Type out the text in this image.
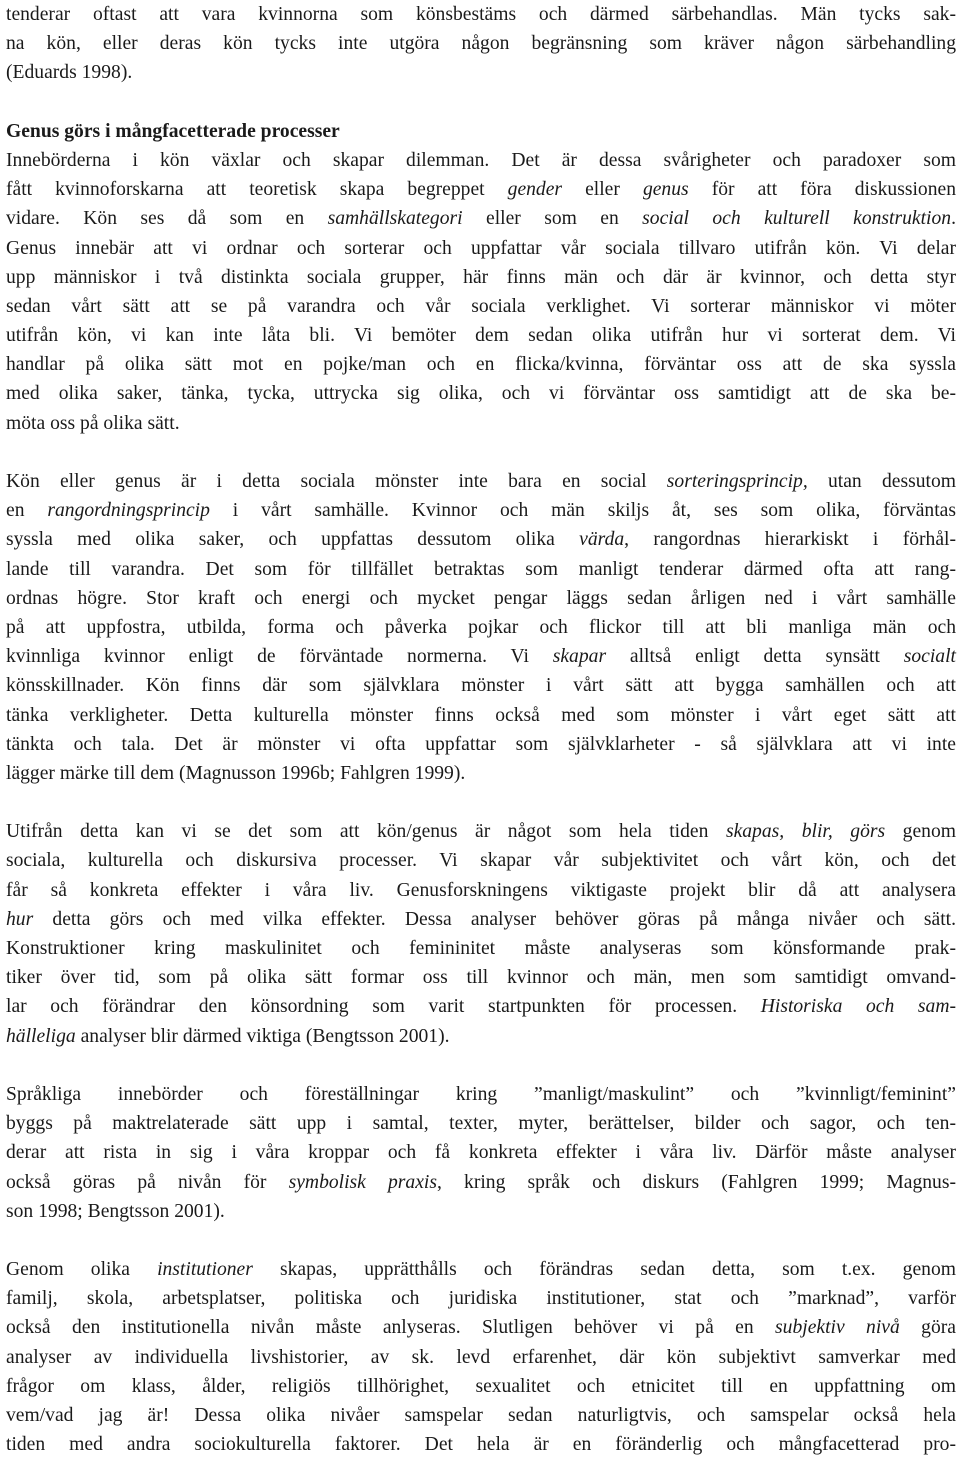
tenderar oftast att vara kvinnorna som könsbestäms och därmed särbehandlas. Män tycks sak-
na kön, eller deras kön tycks inte utgöra någon begränsning som kräver någon särbehandling
(Eduards 1998).
Genus görs i mångfacetterade processer
Innebörderna i kön växlar och skapar dilemman. Det är dessa svårigheter och paradoxer som
fått kvinnoforskarna att teoretisk skapa begreppet gender eller genus för att föra diskussionen
vidare. Kön ses då som en samhällskategori eller som en social och kulturell konstruktion.
Genus innebär att vi ordnar och sorterar och uppfattar vår sociala tillvaro utifrån kön. Vi delar
upp människor i två distinkta sociala grupper, här finns män och där är kvinnor, och detta styr
sedan vårt sätt att se på varandra och vår sociala verklighet. Vi sorterar människor vi möter
utifrån kön, vi kan inte låta bli. Vi bemöter dem sedan olika utifrån hur vi sorterat dem. Vi
handlar på olika sätt mot en pojke/man och en flicka/kvinna, förväntar oss att de ska syssla
med olika saker, tänka, tycka, uttrycka sig olika, och vi förväntar oss samtidigt att de ska be-
möta oss på olika sätt.
Kön eller genus är i detta sociala mönster inte bara en social sorteringsprincip, utan dessutom
en rangordningsprincip i vårt samhälle. Kvinnor och män skiljs åt, ses som olika, förväntas
syssla med olika saker, och uppfattas dessutom olika värda, rangordnas hierarkiskt i förhål-
lande till varandra. Det som för tillfället betraktas som manligt tenderar därmed ofta att rang-
ordnas högre. Stor kraft och energi och mycket pengar läggs sedan årligen ned i vårt samhälle
på att uppfostra, utbilda, forma och påverka pojkar och flickor till att bli manliga män och
kvinnliga kvinnor enligt de förväntade normerna. Vi skapar alltså enligt detta synsätt socialt
könsskillnader. Kön finns där som självklara mönster i vårt sätt att bygga samhällen och att
tänka verkligheter. Detta kulturella mönster finns också med som mönster i vårt eget sätt att
tänkta och tala. Det är mönster vi ofta uppfattar som självklarheter - så självklara att vi inte
lägger märke till dem (Magnusson 1996b; Fahlgren 1999).
Utifrån detta kan vi se det som att kön/genus är något som hela tiden skapas, blir, görs genom
sociala, kulturella och diskursiva processer. Vi skapar vår subjektivitet och vårt kön, och det
får så konkreta effekter i våra liv. Genusforskningens viktigaste projekt blir då att analysera
hur detta görs och med vilka effekter. Dessa analyser behöver göras på många nivåer och sätt.
Konstruktioner kring maskulinitet och femininitet måste analyseras som könsformande prak-
tiker över tid, som på olika sätt formar oss till kvinnor och män, men som samtidigt omvand-
lar och förändrar den könsordning som varit startpunkten för processen. Historiska och sam-
hälleliga analyser blir därmed viktiga (Bengtsson 2001).
Språkliga innebörder och föreställningar kring ”manligt/maskulint” och ”kvinnligt/feminint”
byggs på maktrelaterade sätt upp i samtal, texter, myter, berättelser, bilder och sagor, och ten-
derar att rista in sig i våra kroppar och få konkreta effekter i våra liv. Därför måste analyser
också göras på nivån för symbolisk praxis, kring språk och diskurs (Fahlgren 1999; Magnus-
son 1998; Bengtsson 2001).
Genom olika institutioner skapas, upprätthålls och förändras sedan detta, som t.ex. genom
familj, skola, arbetsplatser, politiska och juridiska institutioner, stat och ”marknad”, varför
också den institutionella nivån måste anlyseras. Slutligen behöver vi på en subjektiv nivå göra
analyser av individuella livshistorier, av sk. levd erfarenhet, där kön subjektivt samverkar med
frågor om klass, ålder, religiös tillhörighet, sexualitet och etnicitet till en uppfattning om
vem/vad jag är! Dessa olika nivåer samspelar sedan naturligtvis, och samspelar också hela
tiden med andra sociokulturella faktorer. Det hela är en föränderlig och mångfacetterad pro-
